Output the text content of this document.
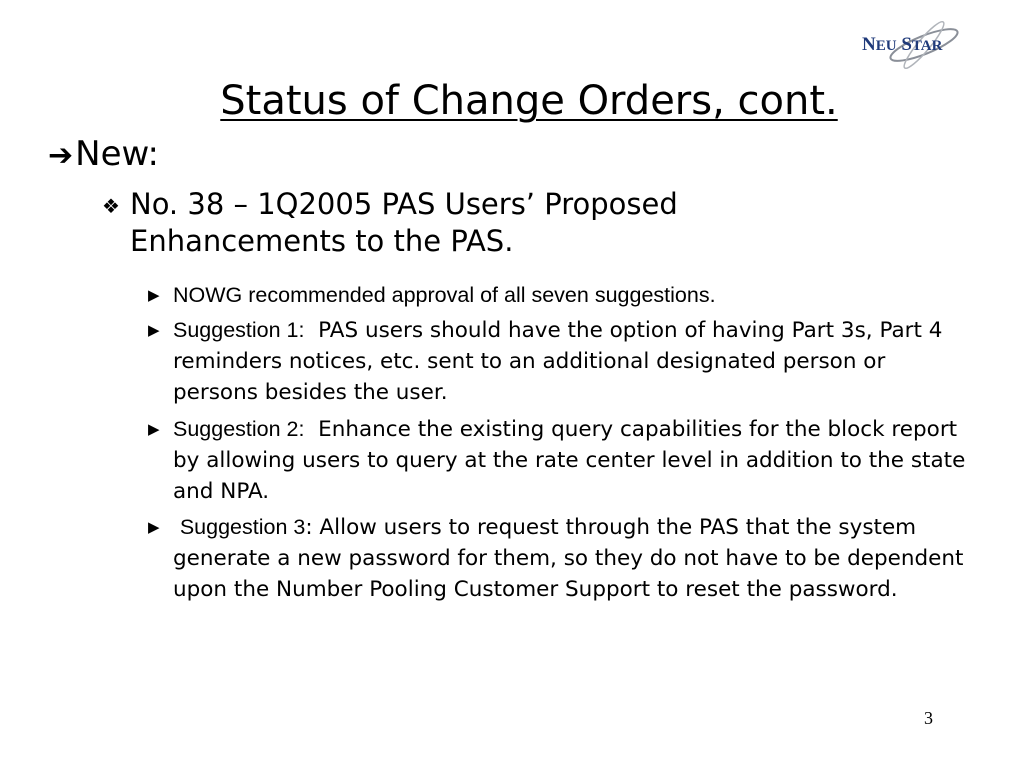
NEU STAR
Status of Change Orders, cont.
➔New:
❖ No. 38 – 1Q2005 PAS Users’ Proposed Enhancements to the PAS.
▶ NOWG recommended approval of all seven suggestions.
▶ Suggestion 1: PAS users should have the option of having Part 3s, Part 4 reminders notices, etc. sent to an additional designated person or persons besides the user.
▶ Suggestion 2: Enhance the existing query capabilities for the block report by allowing users to query at the rate center level in addition to the state and NPA.
▶ Suggestion 3: Allow users to request through the PAS that the system generate a new password for them, so they do not have to be dependent upon the Number Pooling Customer Support to reset the password.
3
